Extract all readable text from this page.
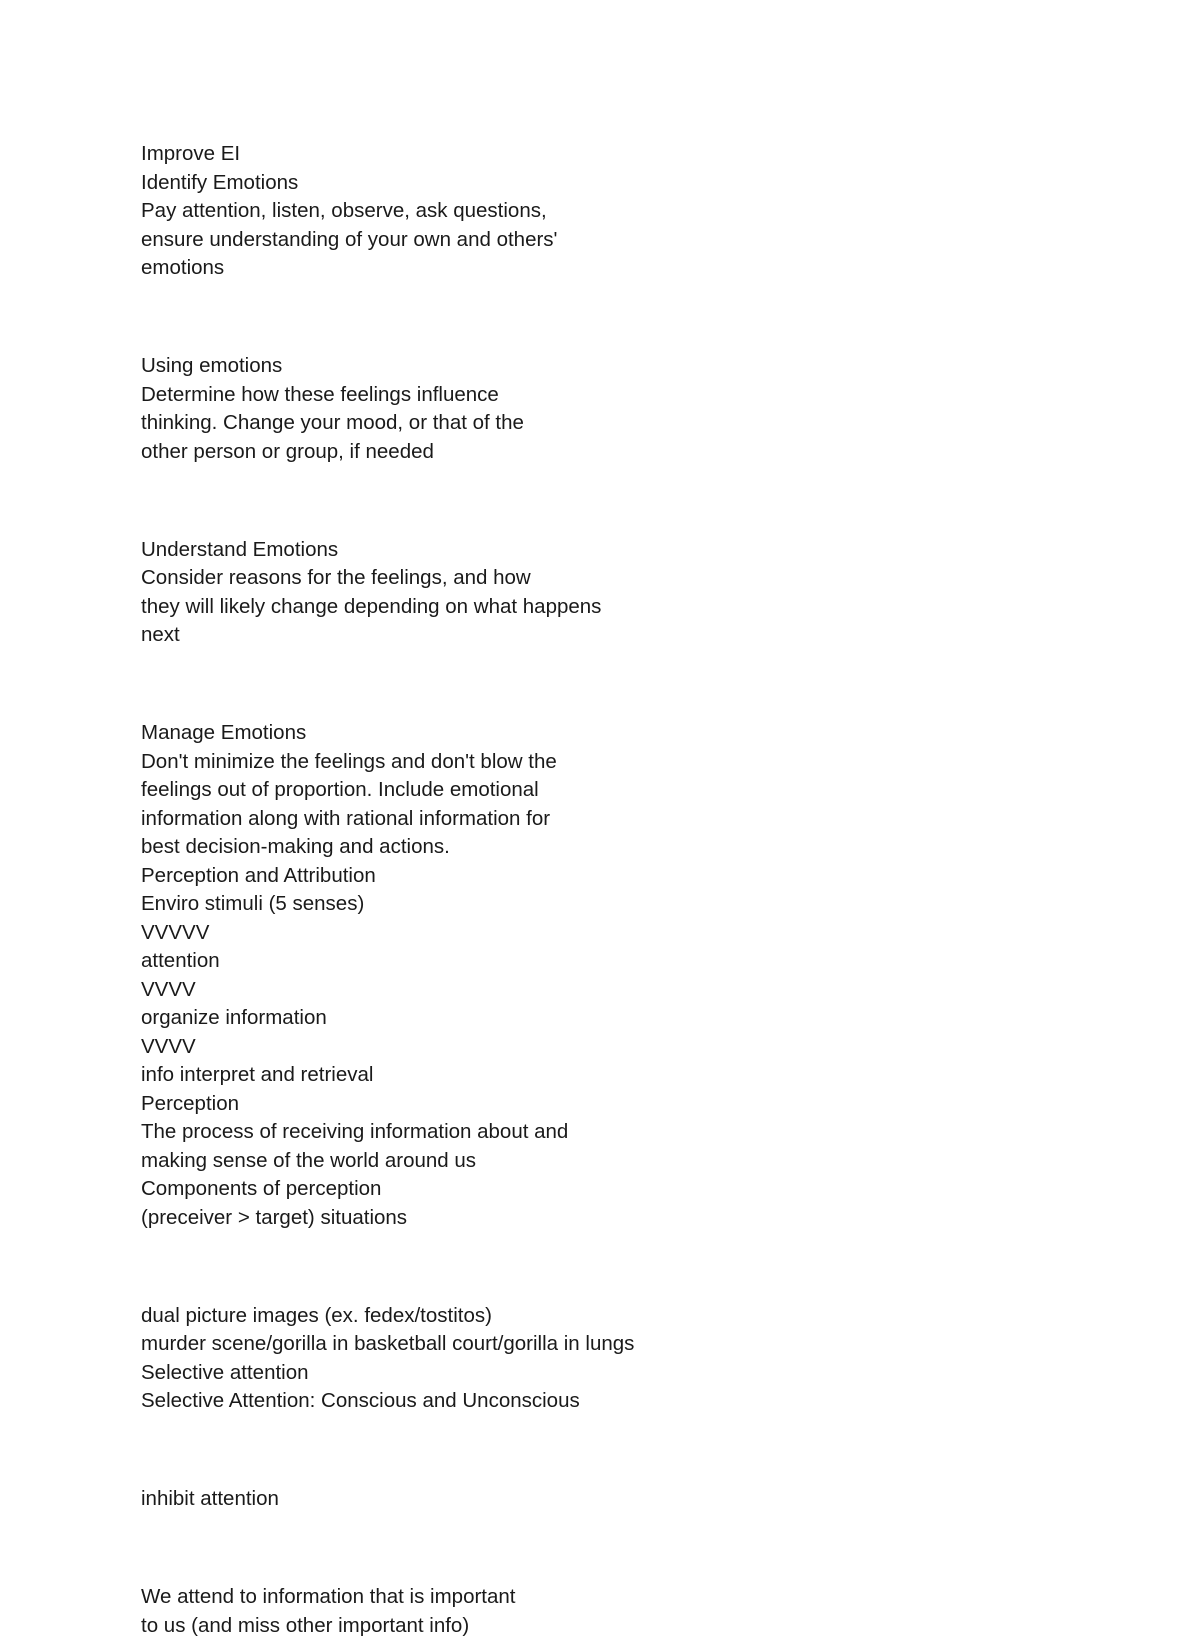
Improve EI

Identify Emotions

Pay attention, listen, observe, ask questions,

ensure understanding of your own and others'

emotions

Using emotions

Determine how these feelings influence

thinking. Change your mood, or that of the

other person or group, if needed

Understand Emotions

Consider reasons for the feelings, and how

they will likely change depending on what happens

next

Manage Emotions

Don't minimize the feelings and don't blow the

feelings out of proportion. Include emotional

information along with rational information for

best decision-making and actions.

Perception and Attribution

Enviro stimuli (5 senses)

VVVVV

attention

VVVV

organize information

VVVV

info interpret and retrieval

Perception

The process of receiving information about and

making sense of the world around us

Components of perception

(preceiver > target) situations

dual picture images (ex. fedex/tostitos)

murder scene/gorilla in basketball court/gorilla in lungs

Selective attention

Selective Attention: Conscious and Unconscious

inhibit attention

We attend to information that is important

to us (and miss other important info)
